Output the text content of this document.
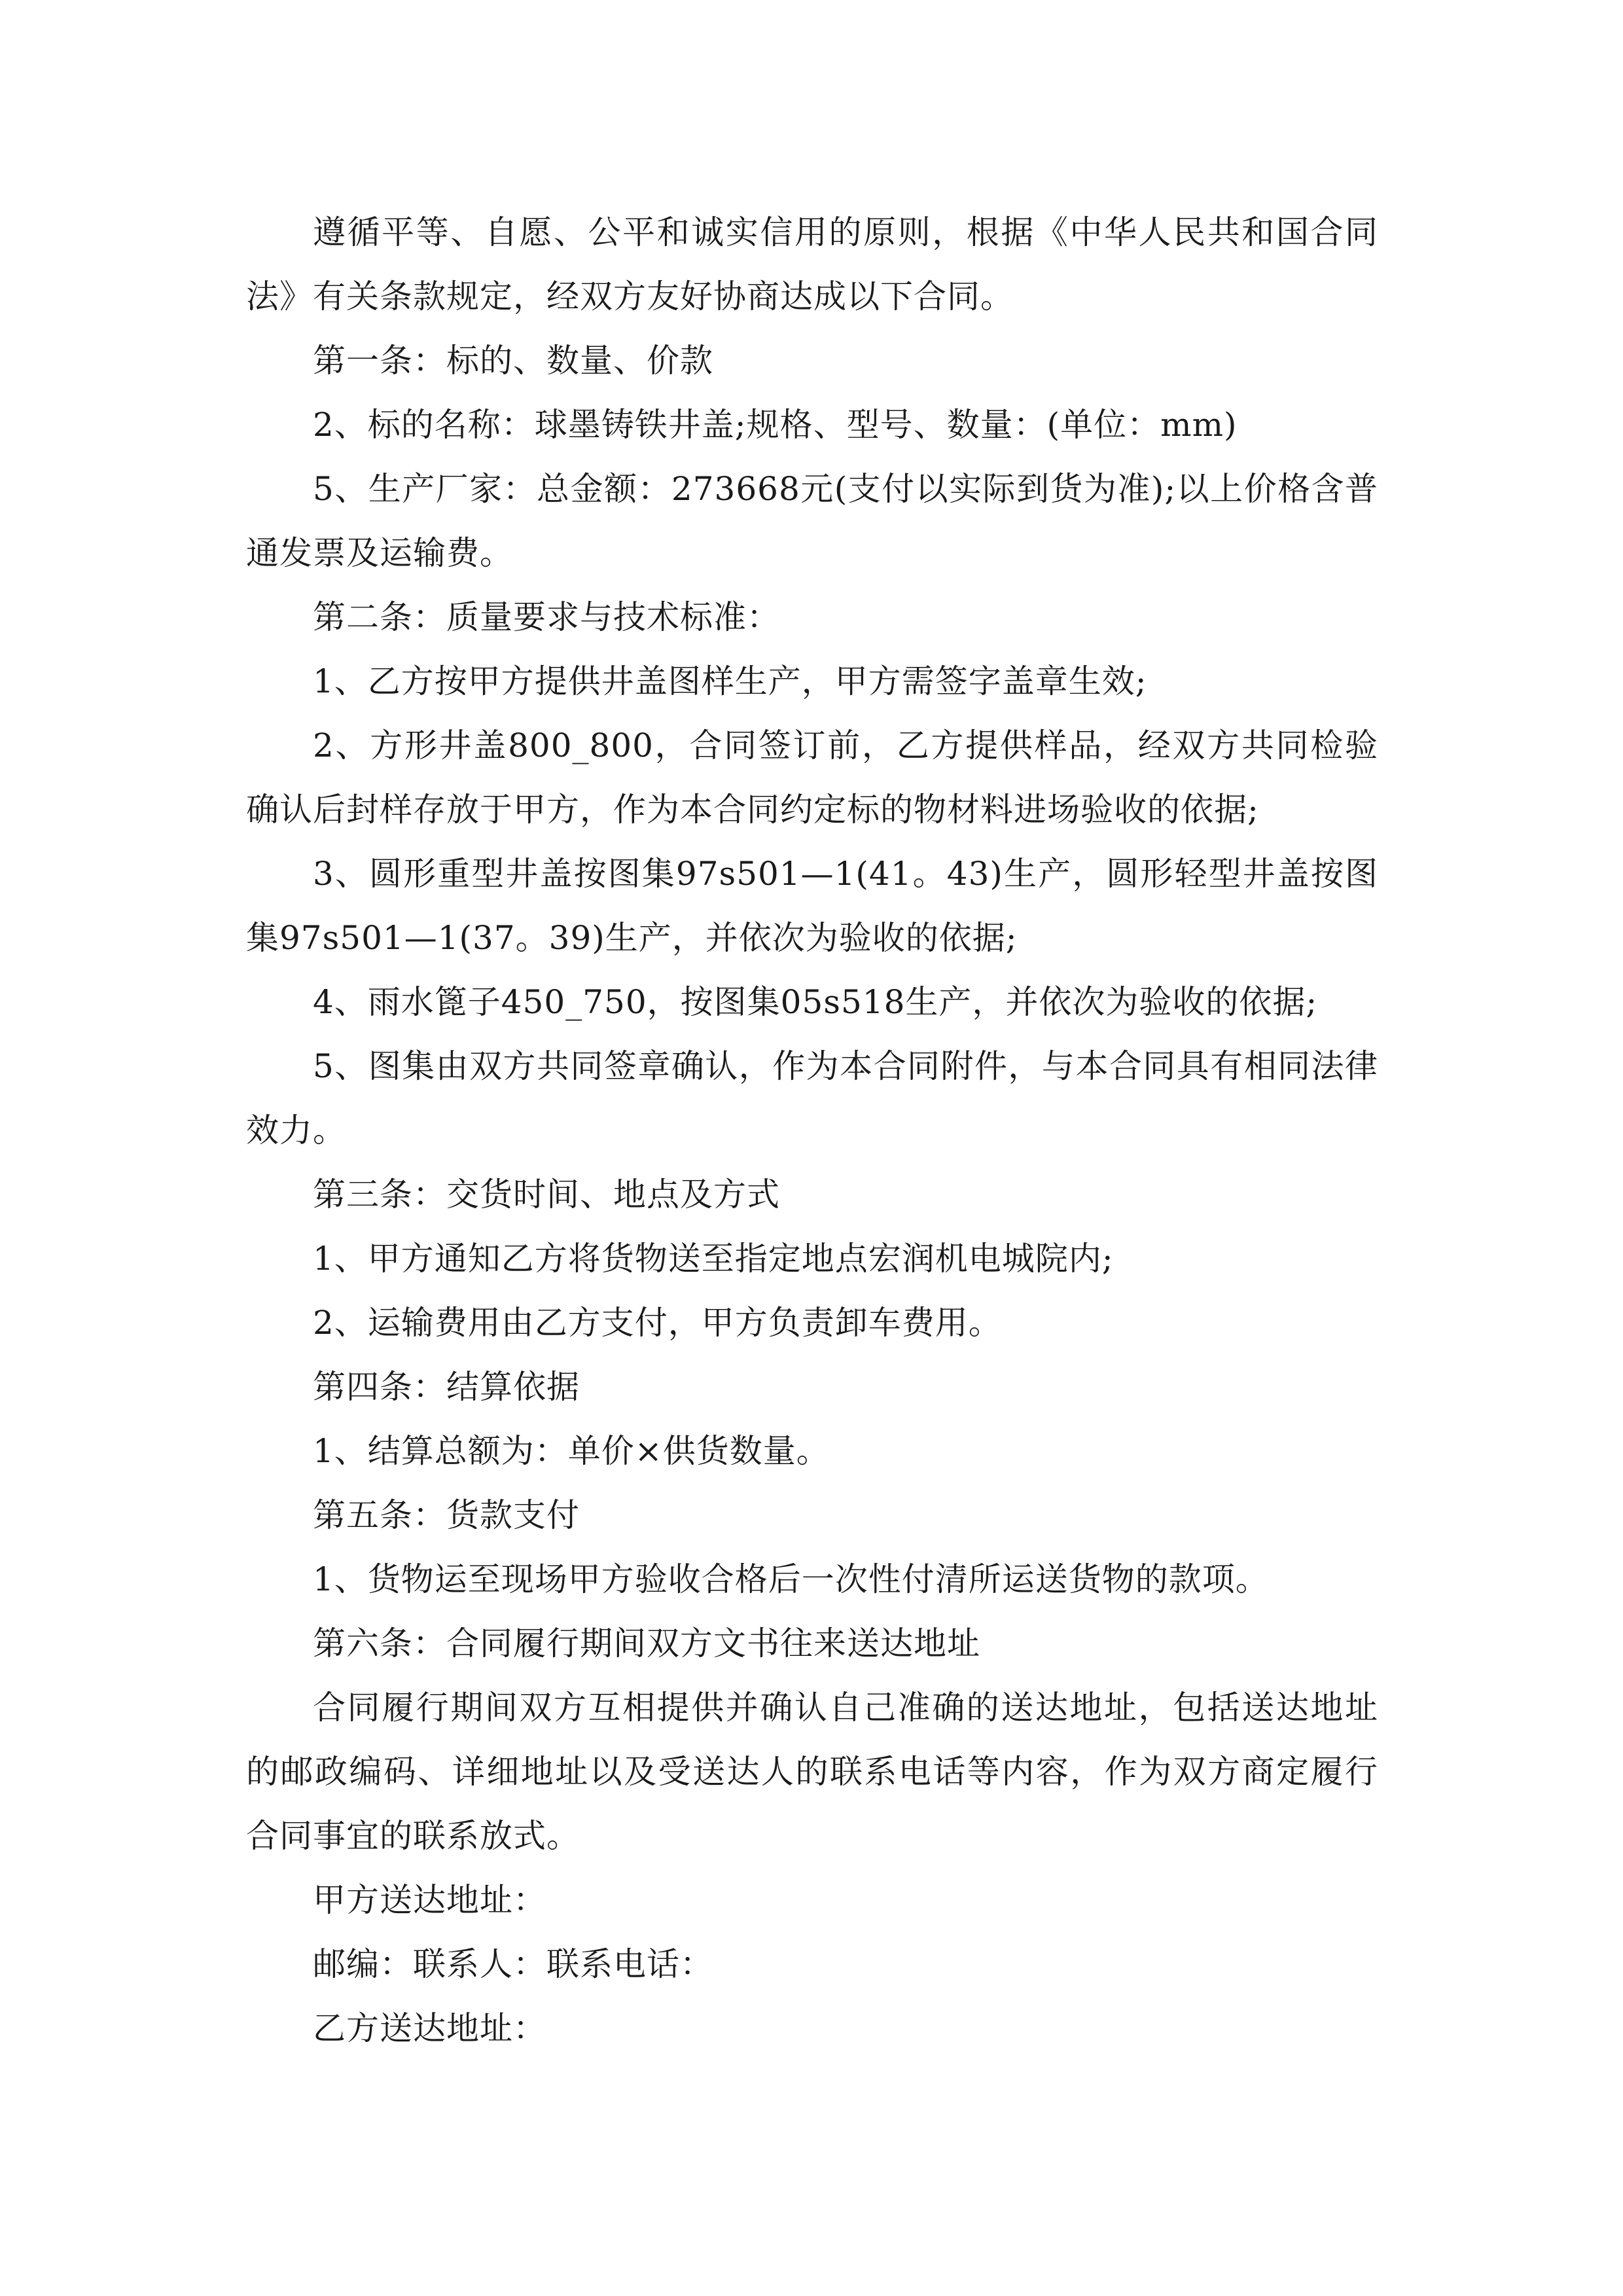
遵循平等、自愿、公平和诚实信用的原则，根据《中华人民共和国合同法》有关条款规定，经双方友好协商达成以下合同。

第一条：标的、数量、价款

2、标的名称：球墨铸铁井盖;规格、型号、数量：(单位：mm)

5、生产厂家：总金额：273668元(支付以实际到货为准);以上价格含普通发票及运输费。

第二条：质量要求与技术标准：

1、乙方按甲方提供井盖图样生产，甲方需签字盖章生效;

2、方形井盖800_800，合同签订前，乙方提供样品，经双方共同检验确认后封样存放于甲方，作为本合同约定标的物材料进场验收的依据;

3、圆形重型井盖按图集97s501—1(41。43)生产，圆形轻型井盖按图集97s501—1(37。39)生产，并依次为验收的依据;

4、雨水篦子450_750，按图集05s518生产，并依次为验收的依据;

5、图集由双方共同签章确认，作为本合同附件，与本合同具有相同法律效力。

第三条：交货时间、地点及方式

1、甲方通知乙方将货物送至指定地点宏润机电城院内;

2、运输费用由乙方支付，甲方负责卸车费用。

第四条：结算依据

1、结算总额为：单价×供货数量。

第五条：货款支付

1、货物运至现场甲方验收合格后一次性付清所运送货物的款项。

第六条：合同履行期间双方文书往来送达地址

合同履行期间双方互相提供并确认自己准确的送达地址，包括送达地址的邮政编码、详细地址以及受送达人的联系电话等内容，作为双方商定履行合同事宜的联系放式。

甲方送达地址：

邮编：联系人：联系电话：

乙方送达地址：
